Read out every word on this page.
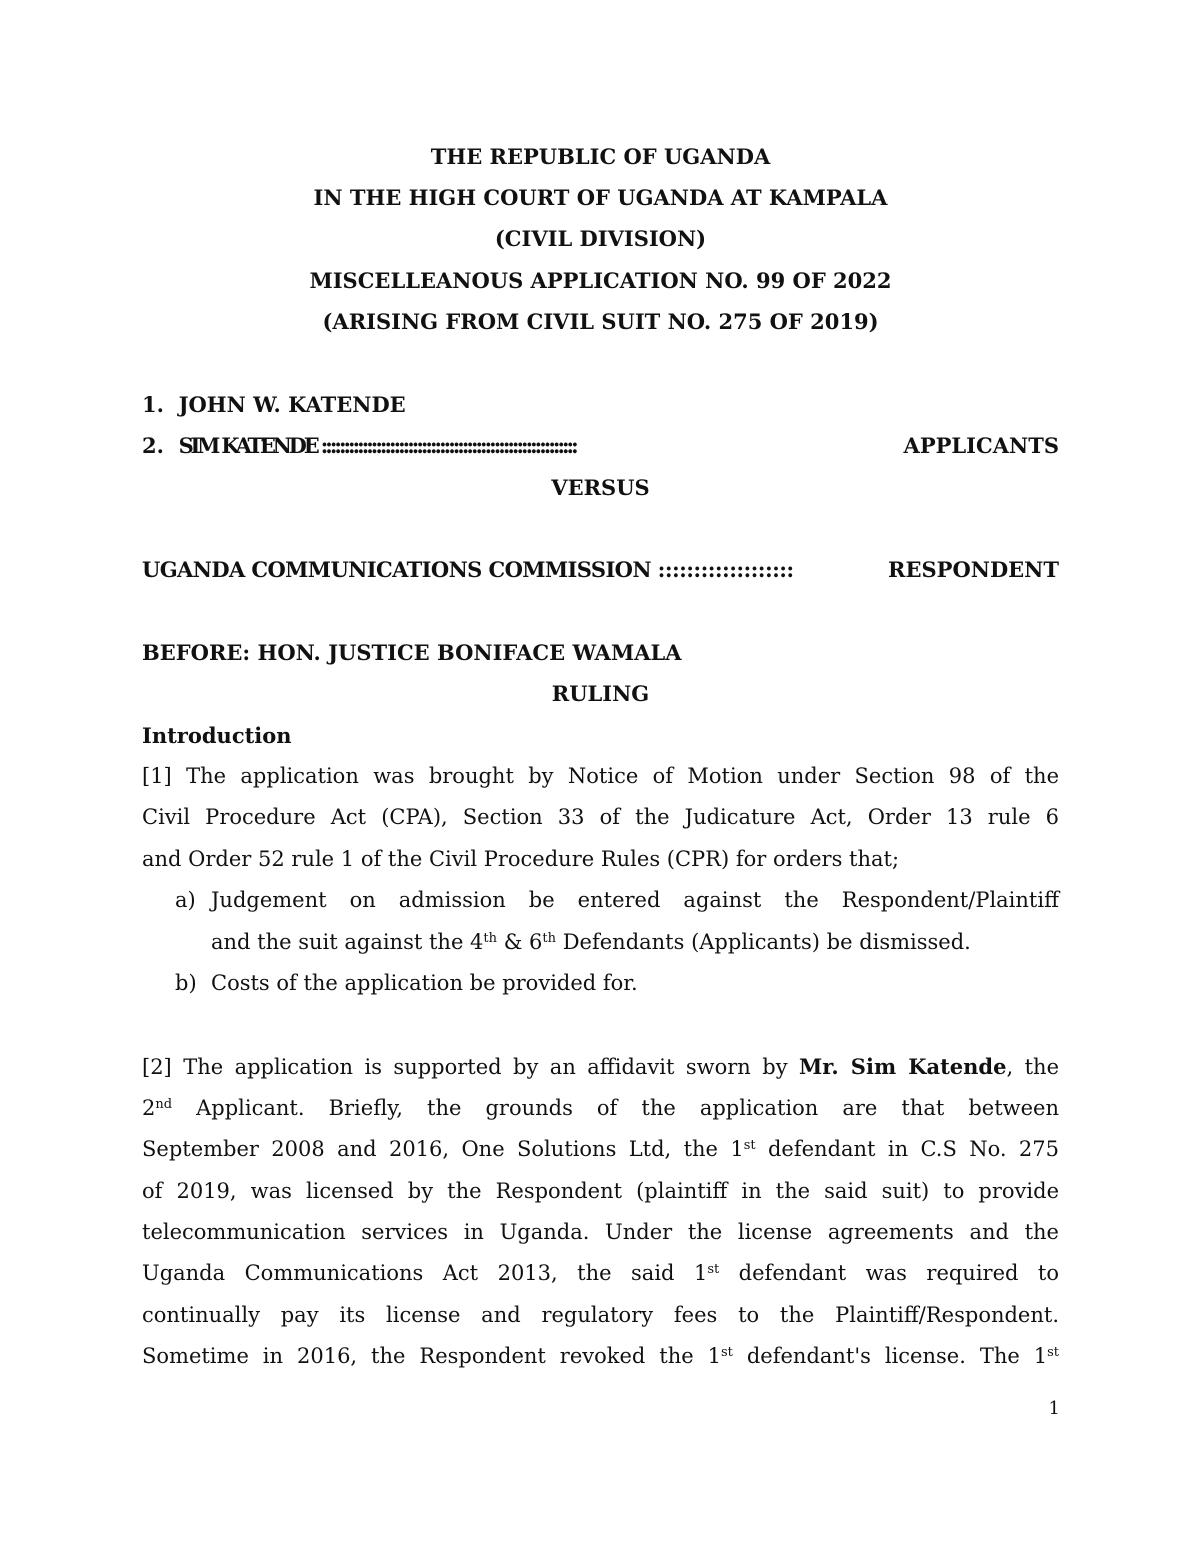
THE REPUBLIC OF UGANDA
IN THE HIGH COURT OF UGANDA AT KAMPALA
(CIVIL DIVISION)
MISCELLEANOUS APPLICATION NO. 99 OF 2022
(ARISING FROM CIVIL SUIT NO. 275 OF 2019)
1. JOHN W. KATENDE
2. SIM KATENDE ::::::::::::::::::::::::::::::::::::::::::::::::::::::::	APPLICANTS
VERSUS
UGANDA COMMUNICATIONS COMMISSION :::::::::::::::::::	RESPONDENT
BEFORE: HON. JUSTICE BONIFACE WAMALA
RULING
Introduction
[1] The application was brought by Notice of Motion under Section 98 of the
Civil Procedure Act (CPA), Section 33 of the Judicature Act, Order 13 rule 6
and Order 52 rule 1 of the Civil Procedure Rules (CPR) for orders that;
a) Judgement on admission be entered against the Respondent/Plaintiff
and the suit against the 4th & 6th Defendants (Applicants) be dismissed.
b) Costs of the application be provided for.
[2] The application is supported by an affidavit sworn by Mr. Sim Katende, the
2nd Applicant. Briefly, the grounds of the application are that between
September 2008 and 2016, One Solutions Ltd, the 1st defendant in C.S No. 275
of 2019, was licensed by the Respondent (plaintiff in the said suit) to provide
telecommunication services in Uganda. Under the license agreements and the
Uganda Communications Act 2013, the said 1st defendant was required to
continually pay its license and regulatory fees to the Plaintiff/Respondent.
Sometime in 2016, the Respondent revoked the 1st defendant's license. The 1st
1
